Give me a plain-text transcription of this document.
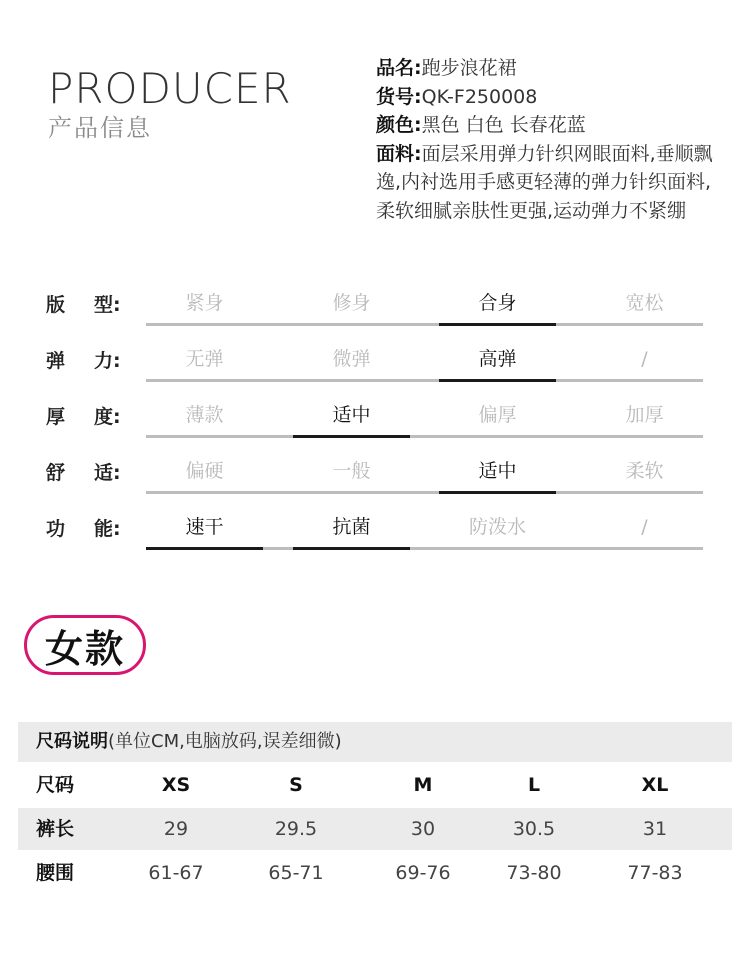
PRODUCER
产品信息

品名:跑步浪花裙

货号:QK-F250008

颜色:黑色 白色 长春花蓝

面料:面层采用弹力针织网眼面料,垂顺飘逸,内衬选用手感更轻薄的弹力针织面料,柔软细腻亲肤性更强,运动弹力不紧绷

版 型:	紧身	修身	合身	宽松
弹 力:	无弹	微弹	高弹	/
厚 度:	薄款	适中	偏厚	加厚
舒 适:	偏硬	一般	适中	柔软
功 能:	速干	抗菌	防泼水	/
女款
尺码说明(单位CM,电脑放码,误差细微)
尺码	XS	S	M	L	XL
裤长	29	29.5	30	30.5	31
腰围	61-67	65-71	69-76	73-80	77-83
